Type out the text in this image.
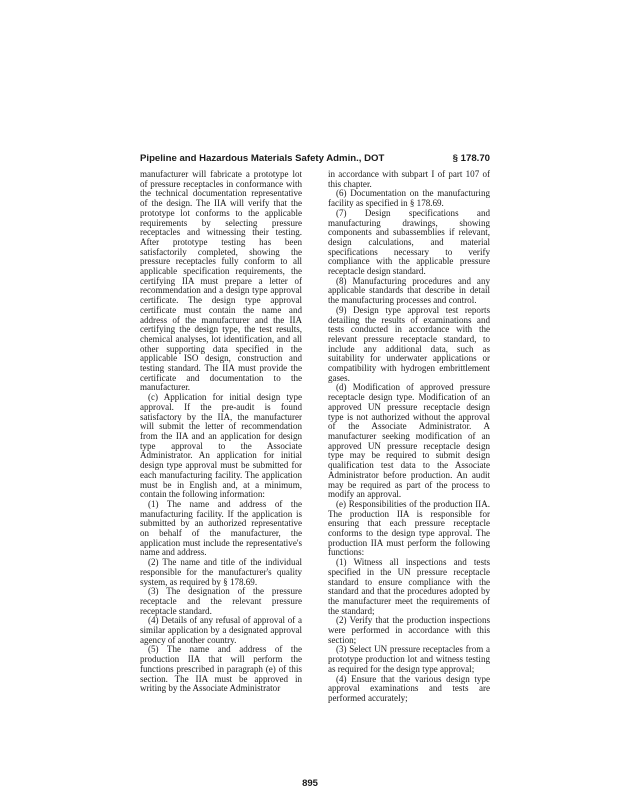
Pipeline and Hazardous Materials Safety Admin., DOT	§ 178.70

manufacturer will fabricate a prototype lot of pressure receptacles in conformance with the technical documentation representative of the design. The IIA will verify that the prototype lot conforms to the applicable requirements by selecting pressure receptacles and witnessing their testing. After prototype testing has been satisfactorily completed, showing the pressure receptacles fully conform to all applicable specification requirements, the certifying IIA must prepare a letter of recommendation and a design type approval certificate. The design type approval certificate must contain the name and address of the manufacturer and the IIA certifying the design type, the test results, chemical analyses, lot identification, and all other supporting data specified in the applicable ISO design, construction and testing standard. The IIA must provide the certificate and documentation to the manufacturer.

(c) Application for initial design type approval. If the pre-audit is found satisfactory by the IIA, the manufacturer will submit the letter of recommendation from the IIA and an application for design type approval to the Associate Administrator. An application for initial design type approval must be submitted for each manufacturing facility. The application must be in English and, at a minimum, contain the following information:

(1) The name and address of the manufacturing facility. If the application is submitted by an authorized representative on behalf of the manufacturer, the application must include the representative's name and address.

(2) The name and title of the individual responsible for the manufacturer's quality system, as required by § 178.69.

(3) The designation of the pressure receptacle and the relevant pressure receptacle standard.

(4) Details of any refusal of approval of a similar application by a designated approval agency of another country.

(5) The name and address of the production IIA that will perform the functions prescribed in paragraph (e) of this section. The IIA must be approved in writing by the Associate Administrator

in accordance with subpart I of part 107 of this chapter.

(6) Documentation on the manufacturing facility as specified in § 178.69.

(7) Design specifications and manufacturing drawings, showing components and subassemblies if relevant, design calculations, and material specifications necessary to verify compliance with the applicable pressure receptacle design standard.

(8) Manufacturing procedures and any applicable standards that describe in detail the manufacturing processes and control.

(9) Design type approval test reports detailing the results of examinations and tests conducted in accordance with the relevant pressure receptacle standard, to include any additional data, such as suitability for underwater applications or compatibility with hydrogen embrittlement gases.

(d) Modification of approved pressure receptacle design type. Modification of an approved UN pressure receptacle design type is not authorized without the approval of the Associate Administrator. A manufacturer seeking modification of an approved UN pressure receptacle design type may be required to submit design qualification test data to the Associate Administrator before production. An audit may be required as part of the process to modify an approval.

(e) Responsibilities of the production IIA. The production IIA is responsible for ensuring that each pressure receptacle conforms to the design type approval. The production IIA must perform the following functions:

(1) Witness all inspections and tests specified in the UN pressure receptacle standard to ensure compliance with the standard and that the procedures adopted by the manufacturer meet the requirements of the standard;

(2) Verify that the production inspections were performed in accordance with this section;

(3) Select UN pressure receptacles from a prototype production lot and witness testing as required for the design type approval;

(4) Ensure that the various design type approval examinations and tests are performed accurately;

895
